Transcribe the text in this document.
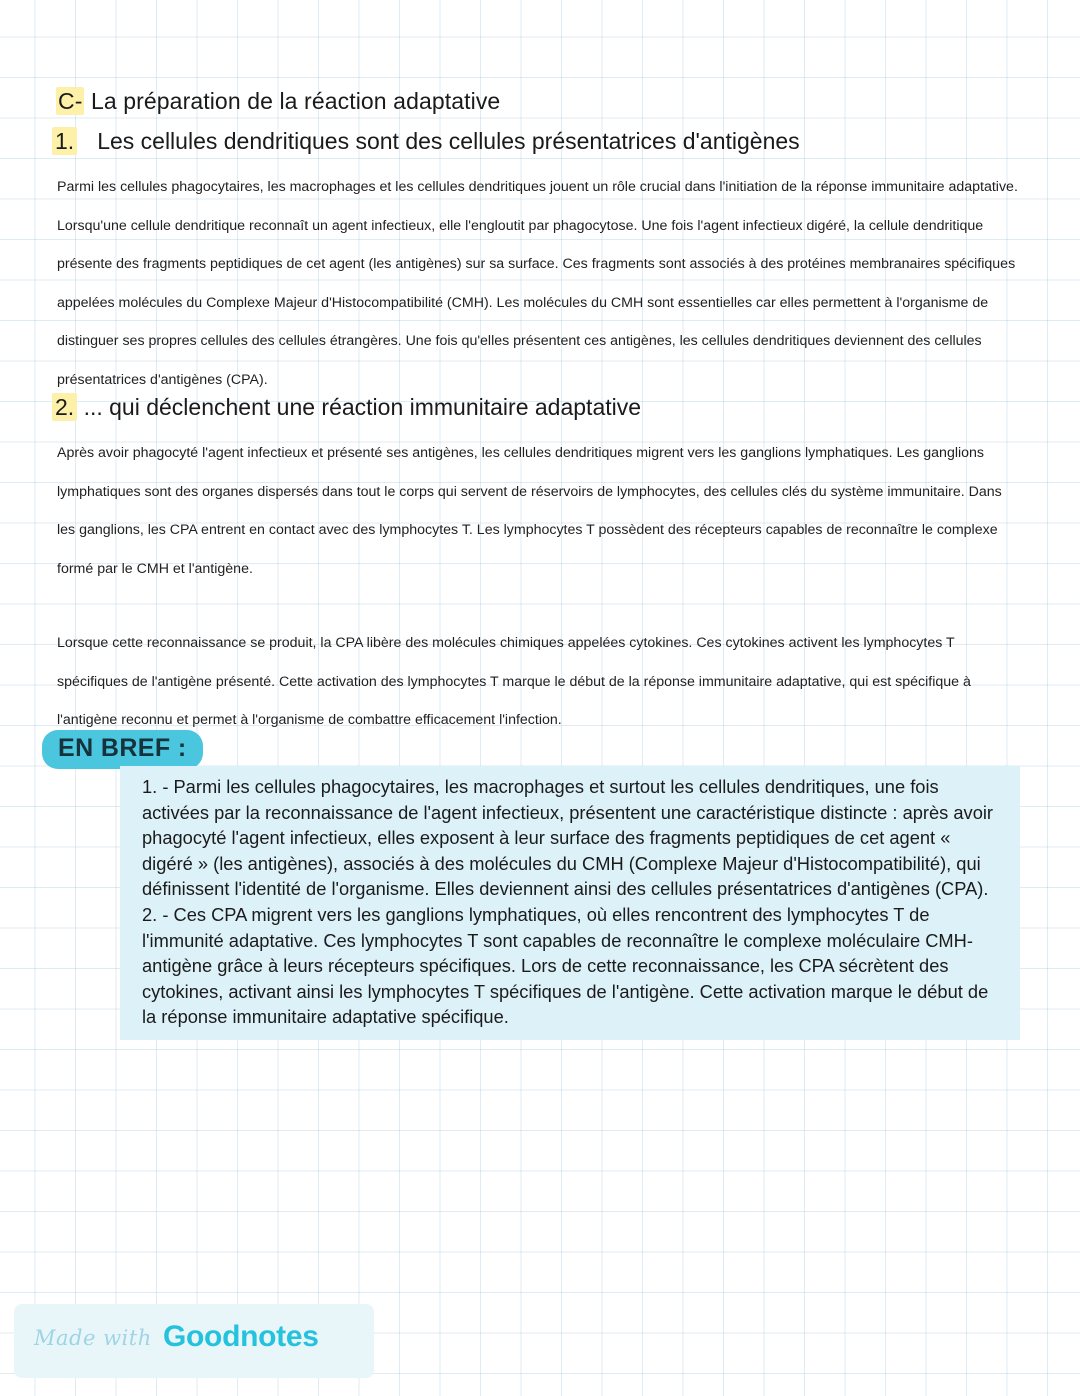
C- La préparation de la réaction adaptative
1. Les cellules dendritiques sont des cellules présentatrices d'antigènes
Parmi les cellules phagocytaires, les macrophages et les cellules dendritiques jouent un rôle crucial dans l'initiation de la réponse immunitaire adaptative. Lorsqu'une cellule dendritique reconnaît un agent infectieux, elle l'engloutit par phagocytose. Une fois l'agent infectieux digéré, la cellule dendritique présente des fragments peptidiques de cet agent (les antigènes) sur sa surface. Ces fragments sont associés à des protéines membranaires spécifiques appelées molécules du Complexe Majeur d'Histocompatibilité (CMH). Les molécules du CMH sont essentielles car elles permettent à l'organisme de distinguer ses propres cellules des cellules étrangères. Une fois qu'elles présentent ces antigènes, les cellules dendritiques deviennent des cellules présentatrices d'antigènes (CPA).
2. ... qui déclenchent une réaction immunitaire adaptative
Après avoir phagocyté l'agent infectieux et présenté ses antigènes, les cellules dendritiques migrent vers les ganglions lymphatiques. Les ganglions lymphatiques sont des organes dispersés dans tout le corps qui servent de réservoirs de lymphocytes, des cellules clés du système immunitaire. Dans les ganglions, les CPA entrent en contact avec des lymphocytes T. Les lymphocytes T possèdent des récepteurs capables de reconnaître le complexe formé par le CMH et l'antigène.
Lorsque cette reconnaissance se produit, la CPA libère des molécules chimiques appelées cytokines. Ces cytokines activent les lymphocytes T spécifiques de l'antigène présenté. Cette activation des lymphocytes T marque le début de la réponse immunitaire adaptative, qui est spécifique à l'antigène reconnu et permet à l'organisme de combattre efficacement l'infection.
EN BREF :

1. - Parmi les cellules phagocytaires, les macrophages et surtout les cellules dendritiques, une fois activées par la reconnaissance de l'agent infectieux, présentent une caractéristique distincte : après avoir phagocyté l'agent infectieux, elles exposent à leur surface des fragments peptidiques de cet agent « digéré » (les antigènes), associés à des molécules du CMH (Complexe Majeur d'Histocompatibilité), qui définissent l'identité de l'organisme. Elles deviennent ainsi des cellules présentatrices d'antigènes (CPA).

2. - Ces CPA migrent vers les ganglions lymphatiques, où elles rencontrent des lymphocytes T de l'immunité adaptative. Ces lymphocytes T sont capables de reconnaître le complexe moléculaire CMH-antigène grâce à leurs récepteurs spécifiques. Lors de cette reconnaissance, les CPA sécrètent des cytokines, activant ainsi les lymphocytes T spécifiques de l'antigène. Cette activation marque le début de la réponse immunitaire adaptative spécifique.

Made with Goodnotes
